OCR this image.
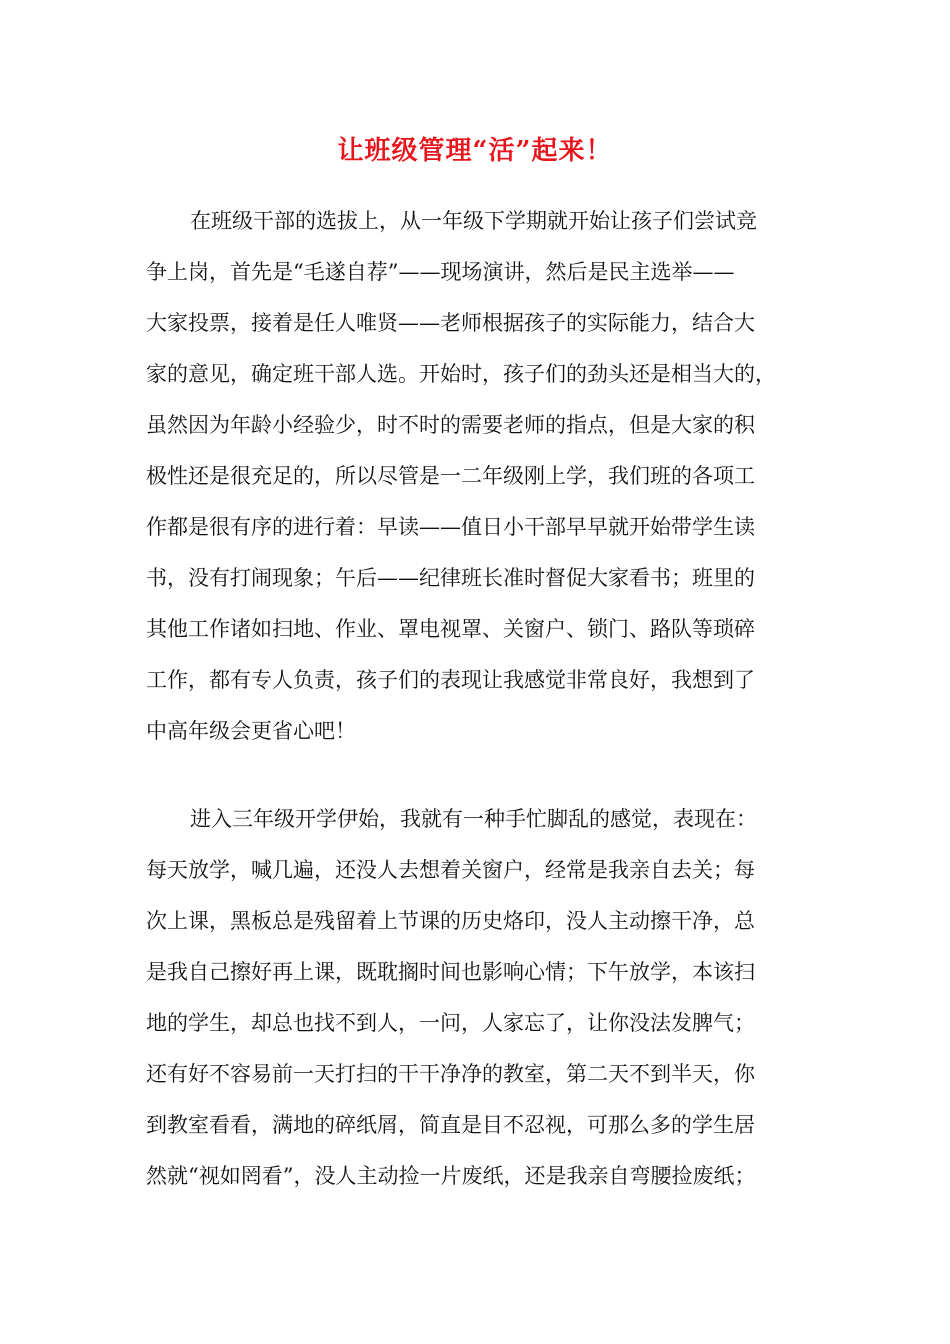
让班级管理“活”起来！
在班级干部的选拔上，从一年级下学期就开始让孩子们尝试竞
争上岗，首先是“毛遂自荐”——现场演讲，然后是民主选举——
大家投票，接着是任人唯贤——老师根据孩子的实际能力，结合大
家的意见，确定班干部人选。开始时，孩子们的劲头还是相当大的，
虽然因为年龄小经验少，时不时的需要老师的指点，但是大家的积
极性还是很充足的，所以尽管是一二年级刚上学，我们班的各项工
作都是很有序的进行着：早读——值日小干部早早就开始带学生读
书，没有打闹现象；午后——纪律班长准时督促大家看书；班里的
其他工作诸如扫地、作业、罩电视罩、关窗户、锁门、路队等琐碎
工作，都有专人负责，孩子们的表现让我感觉非常良好，我想到了
中高年级会更省心吧！
进入三年级开学伊始，我就有一种手忙脚乱的感觉，表现在：
每天放学，喊几遍，还没人去想着关窗户，经常是我亲自去关；每
次上课，黑板总是残留着上节课的历史烙印，没人主动擦干净，总
是我自己擦好再上课，既耽搁时间也影响心情；下午放学，本该扫
地的学生，却总也找不到人，一问，人家忘了，让你没法发脾气；
还有好不容易前一天打扫的干干净净的教室，第二天不到半天，你
到教室看看，满地的碎纸屑，简直是目不忍视，可那么多的学生居
然就“视如罔看”，没人主动捡一片废纸，还是我亲自弯腰捡废纸；
